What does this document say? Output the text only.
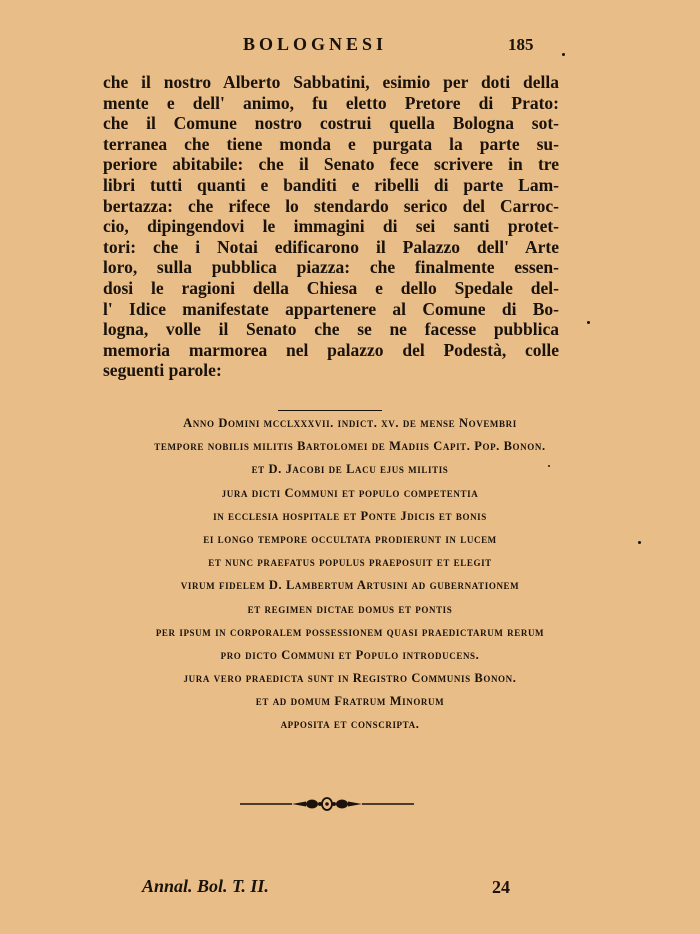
BOLOGNESI	185

che il nostro Alberto Sabbatini, esimio per doti della
mente e dell' animo, fu eletto Pretore di Prato:
che il Comune nostro costrui quella Bologna sot-
terranea che tiene monda e purgata la parte su-
periore abitabile: che il Senato fece scrivere in tre
libri tutti quanti e banditi e ribelli di parte Lam-
bertazza: che rifece lo stendardo serico del Carroc-
cio, dipingendovi le immagini di sei santi protet-
tori: che i Notai edificarono il Palazzo dell' Arte
loro, sulla pubblica piazza: che finalmente essen-
dosi le ragioni della Chiesa e dello Spedale del-
l' Idice manifestate appartenere al Comune di Bo-
logna, volle il Senato che se ne facesse pubblica
memoria marmorea nel palazzo del Podestà, colle
seguenti parole:

Anno Domini mcclxxxvii. indict. xv. de mense Novembri
tempore nobilis militis Bartolomei de Madiis Capit. Pop. Bonon.
et D. Jacobi de Lacu ejus militis
jura dicti Communi et populo competentia
in ecclesia hospitale et Ponte Jdicis et bonis
ei longo tempore occultata prodierunt in lucem
et nunc praefatus populus praeposuit et elegit
virum fidelem D. Lambertum Artusini ad gubernationem
et regimen dictae domus et pontis
per ipsum in corporalem possessionem quasi praedictarum rerum
pro dicto Communi et Populo introducens.
jura vero praedicta sunt in Registro Communis Bonon.
et ad domum Fratrum Minorum
apposita et conscripta.
Annal. Bol. T. II.	24
